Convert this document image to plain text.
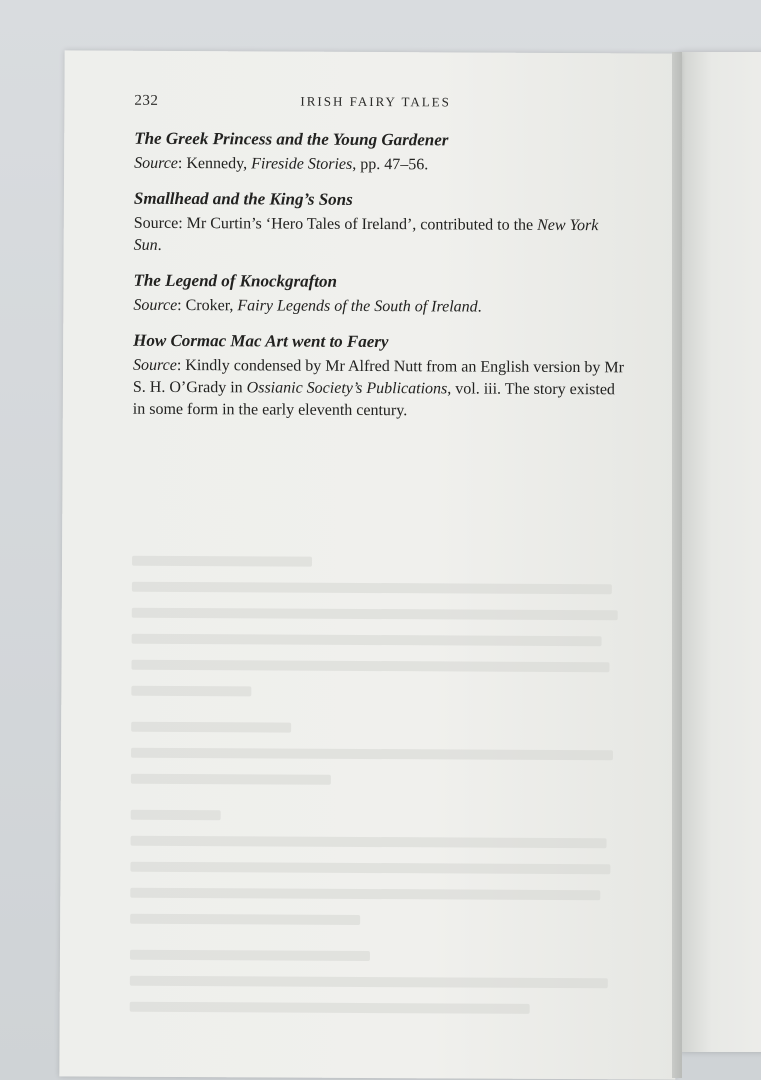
232	IRISH FAIRY TALES

The Greek Princess and the Young Gardener

Source: Kennedy, Fireside Stories, pp. 47–56.

Smallhead and the King’s Sons

Source: Mr Curtin’s ‘Hero Tales of Ireland’, contributed to the New York Sun.

The Legend of Knockgrafton

Source: Croker, Fairy Legends of the South of Ireland.

How Cormac Mac Art went to Faery

Source: Kindly condensed by Mr Alfred Nutt from an English version by Mr S. H. O’Grady in Ossianic Society’s Publications, vol. iii. The story existed in some form in the early eleventh century.
